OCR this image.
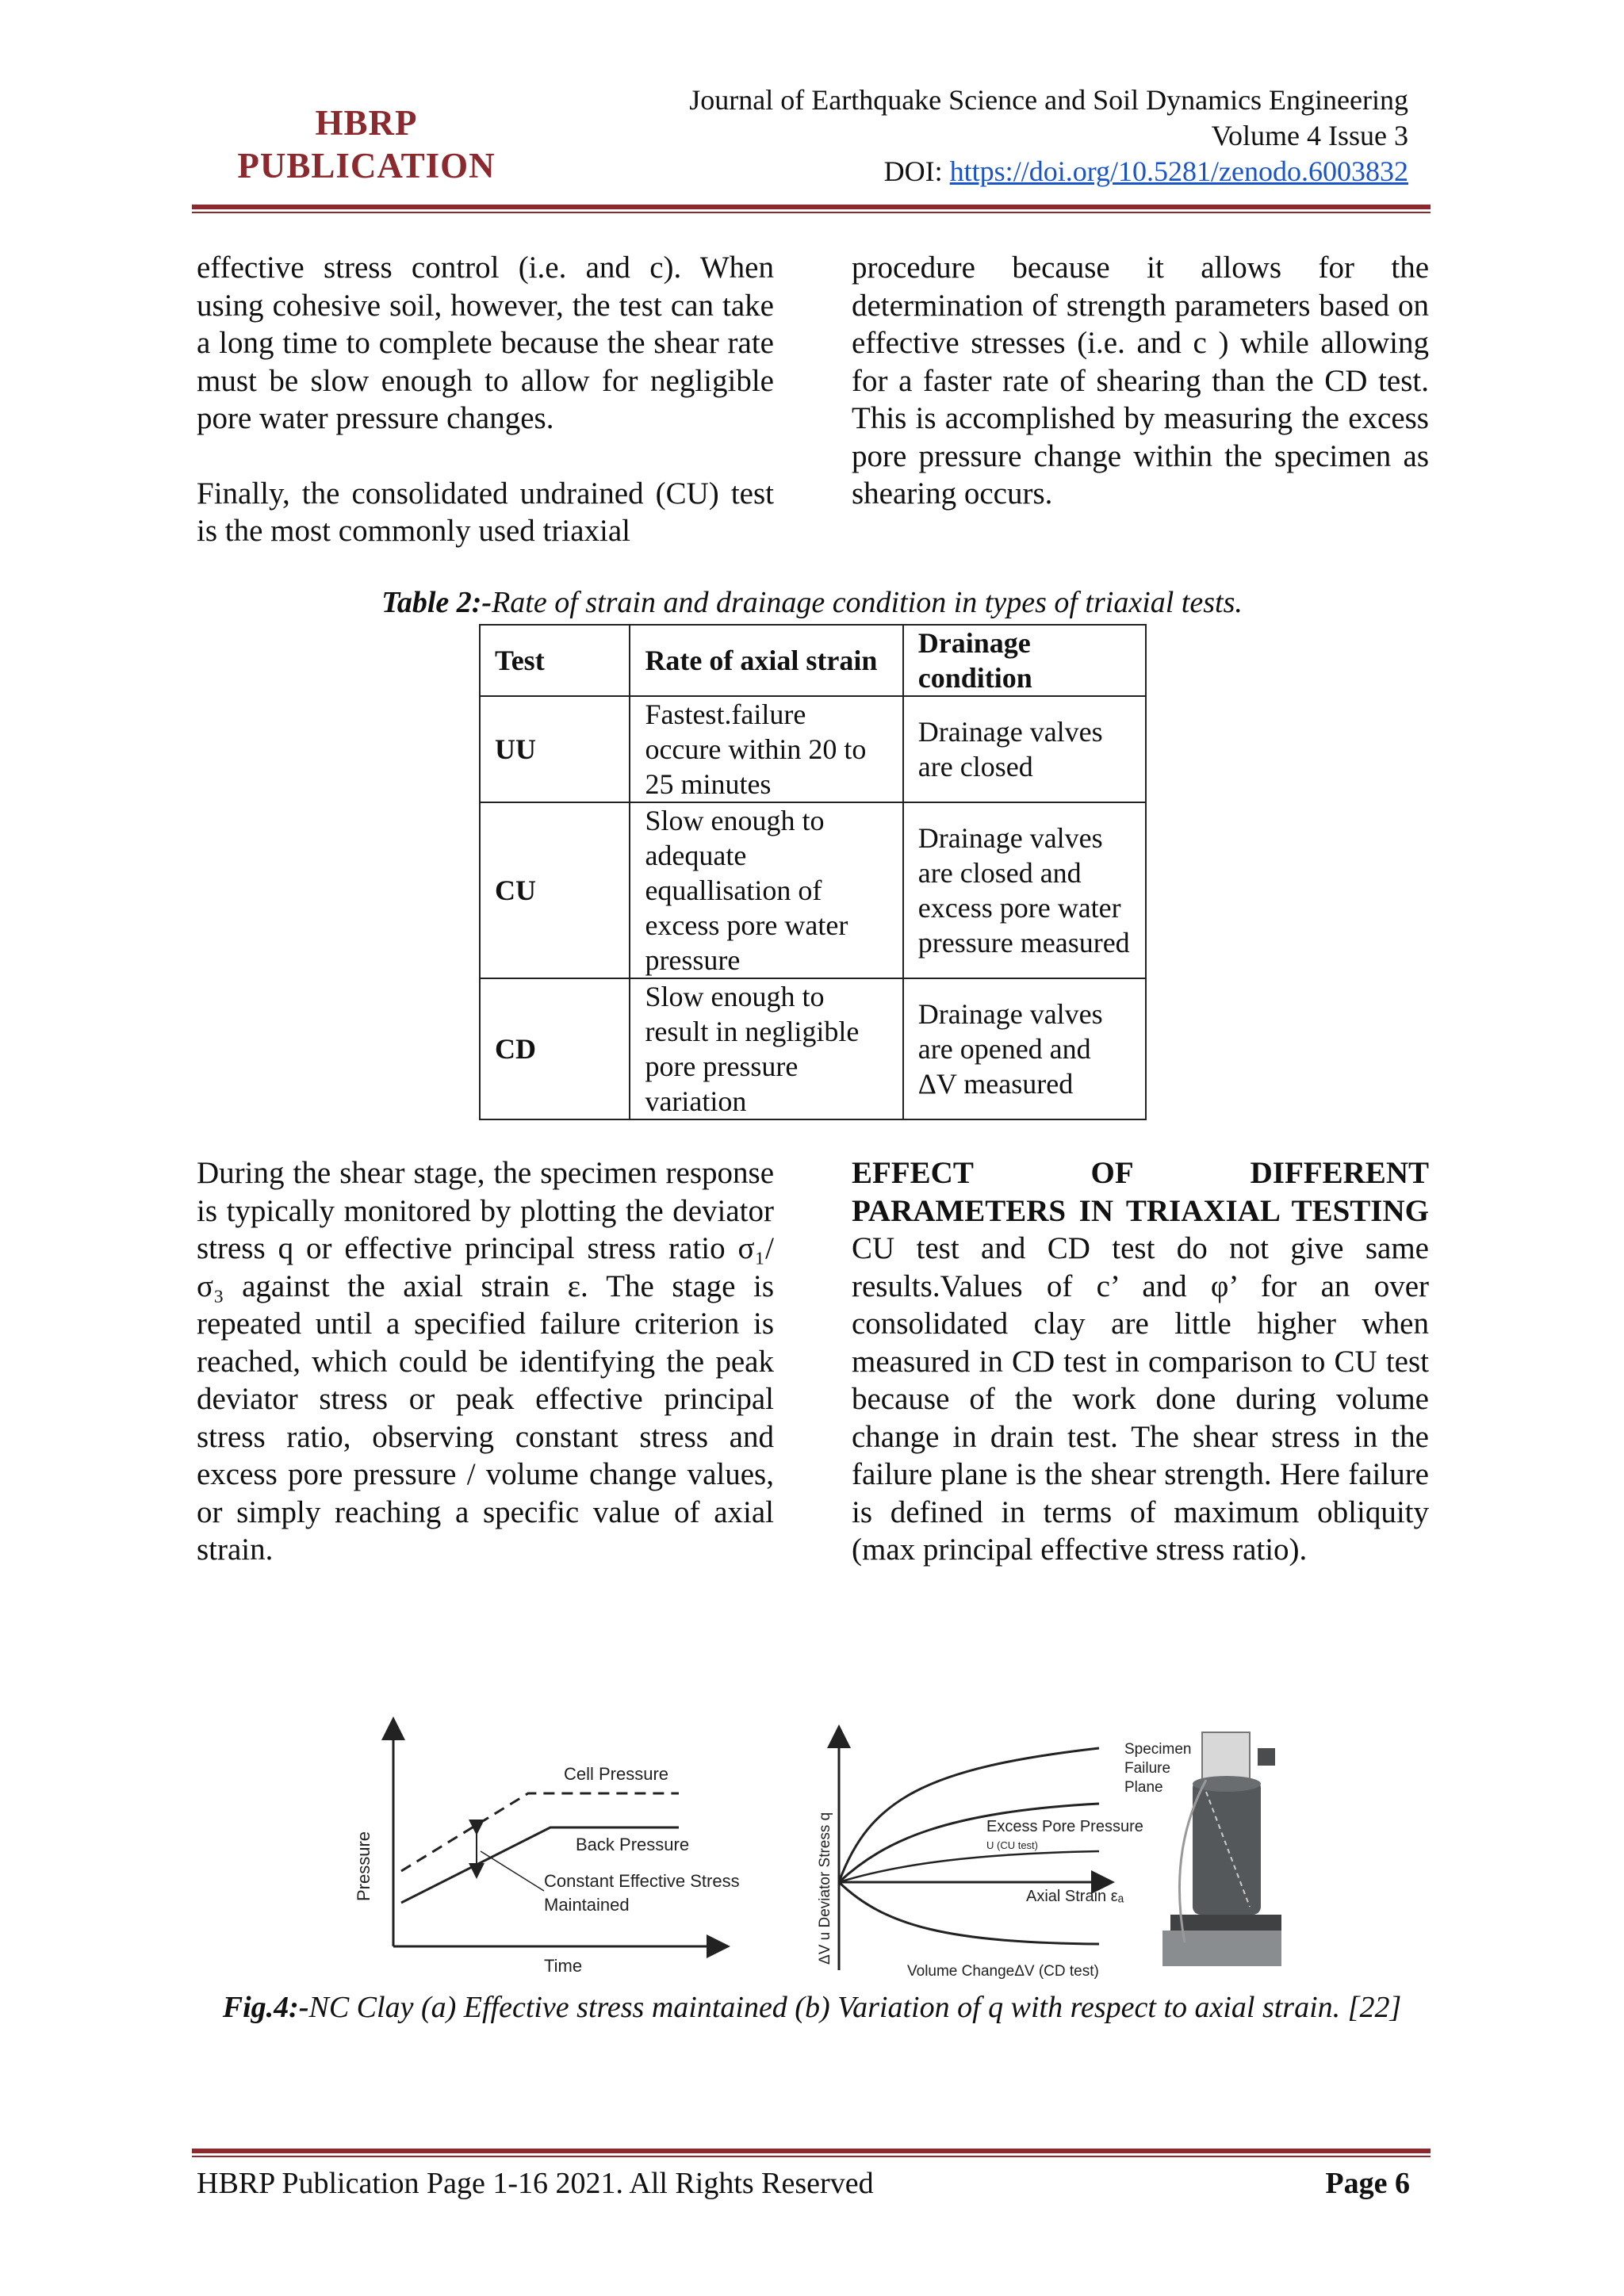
HBRP
PUBLICATION
Journal of Earthquake Science and Soil Dynamics Engineering
Volume 4 Issue 3
DOI: https://doi.org/10.5281/zenodo.6003832

effective stress control (i.e. and c). When using cohesive soil, however, the test can take a long time to complete because the shear rate must be slow enough to allow for negligible pore water pressure changes.

Finally, the consolidated undrained (CU) test is the most commonly used triaxial

procedure because it allows for the determination of strength parameters based on effective stresses (i.e. and c ) while allowing for a faster rate of shearing than the CD test. This is accomplished by measuring the excess pore pressure change within the specimen as shearing occurs.

Table 2:-Rate of strain and drainage condition in types of triaxial tests.
Test	Rate of axial strain	Drainage condition
UU	Fastest.failure occure within 20 to 25 minutes	Drainage valves are closed
CU	Slow enough to adequate equallisation of excess pore water pressure	Drainage valves are closed and excess pore water pressure measured
CD	Slow enough to result in negligible pore pressure variation	Drainage valves are opened and ΔV measured

During the shear stage, the specimen response is typically monitored by plotting the deviator stress q or effective principal stress ratio σ₁/ σ₃ against the axial strain ε. The stage is repeated until a specified failure criterion is reached, which could be identifying the peak deviator stress or peak effective principal stress ratio, observing constant stress and excess pore pressure / volume change values, or simply reaching a specific value of axial strain.

EFFECT OF DIFFERENT PARAMETERS IN TRIAXIAL TESTING

CU test and CD test do not give same results.Values of c’ and φ’ for an over consolidated clay are little higher when measured in CD test in comparison to CU test because of the work done during volume change in drain test. The shear stress in the failure plane is the shear strength. Here failure is defined in terms of maximum obliquity (max principal effective stress ratio).

Pressure
Time
Cell Pressure
Back Pressure
Constant Effective Stress
Maintained	ΔV u Deviator Stress q	Excess Pore Pressure
U (CU test)
Axial Strain εₐ
Volume ChangeΔV (CD test)
Specimen
Failure
Plane
Fig.4:-NC Clay (a) Effective stress maintained (b) Variation of q with respect to axial strain. [22]
HBRP Publication Page 1-16 2021. All Rights Reserved	Page 6
